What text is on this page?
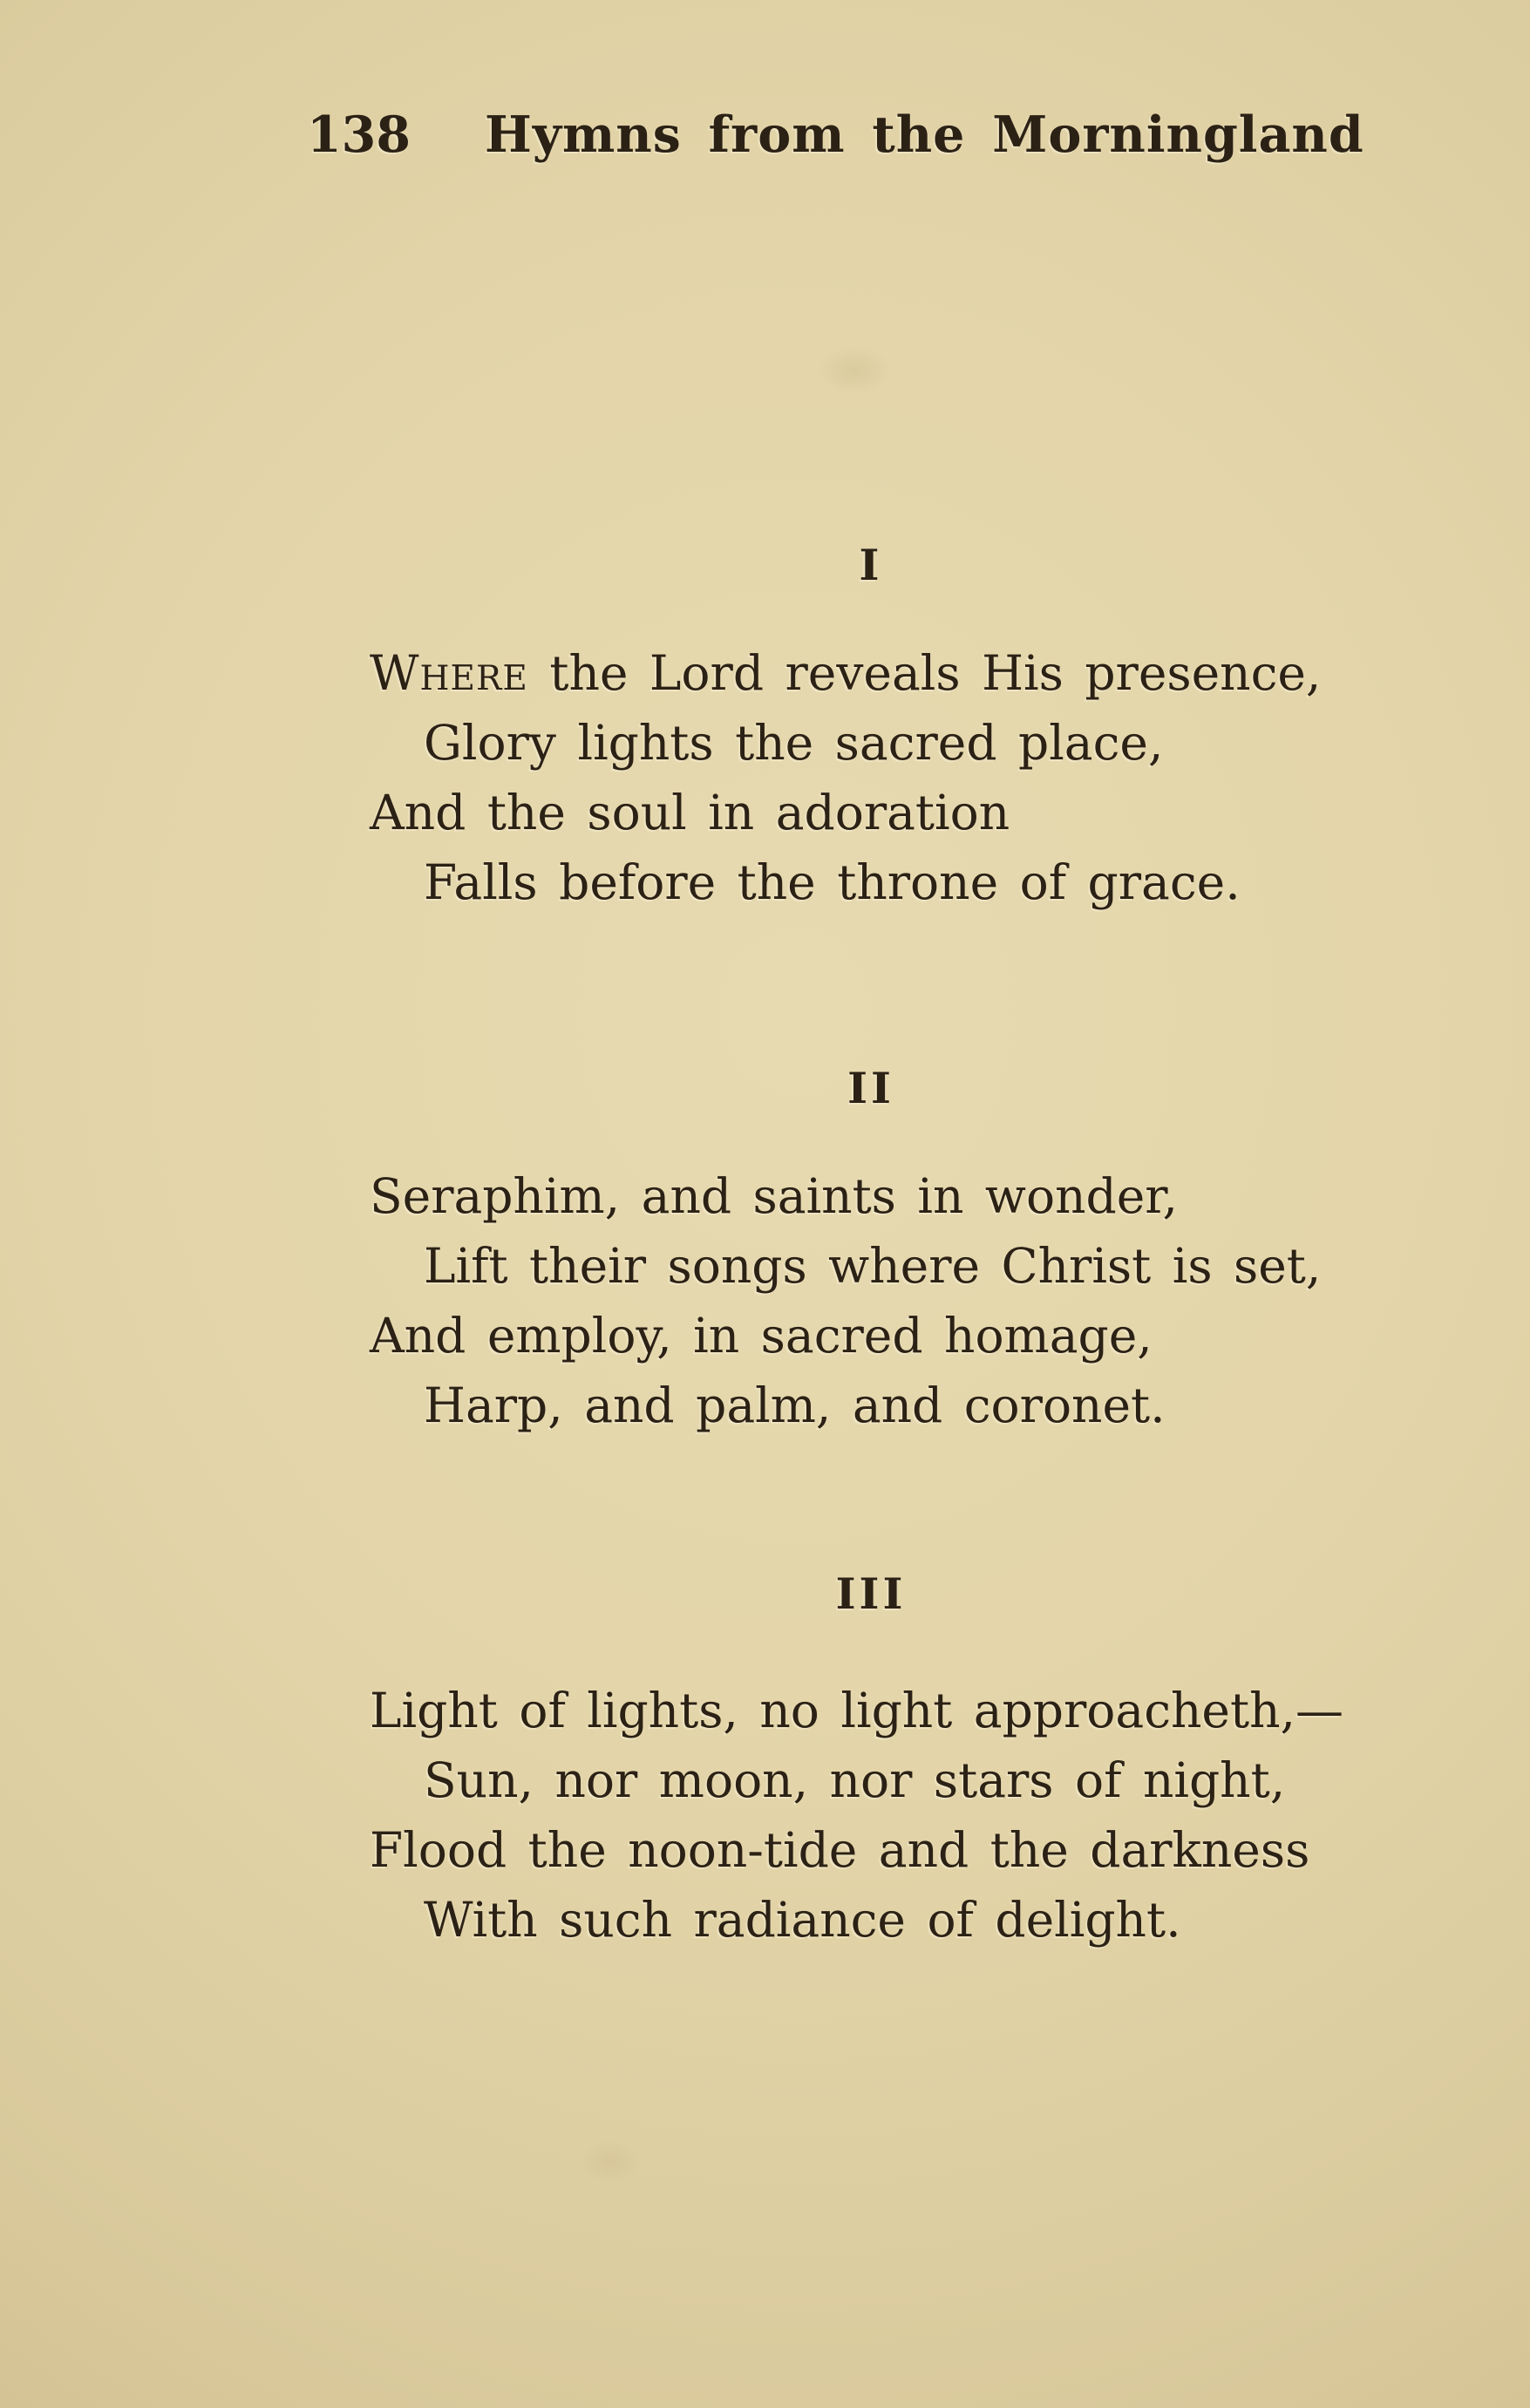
138 Hymns from the Morningland
I

Where the Lord reveals His presence,

Glory lights the sacred place,

And the soul in adoration

Falls before the throne of grace.

II

Seraphim, and saints in wonder,

Lift their songs where Christ is set,

And employ, in sacred homage,

Harp, and palm, and coronet.

III

Light of lights, no light approacheth,—

Sun, nor moon, nor stars of night,

Flood the noon-tide and the darkness

With such radiance of delight.
